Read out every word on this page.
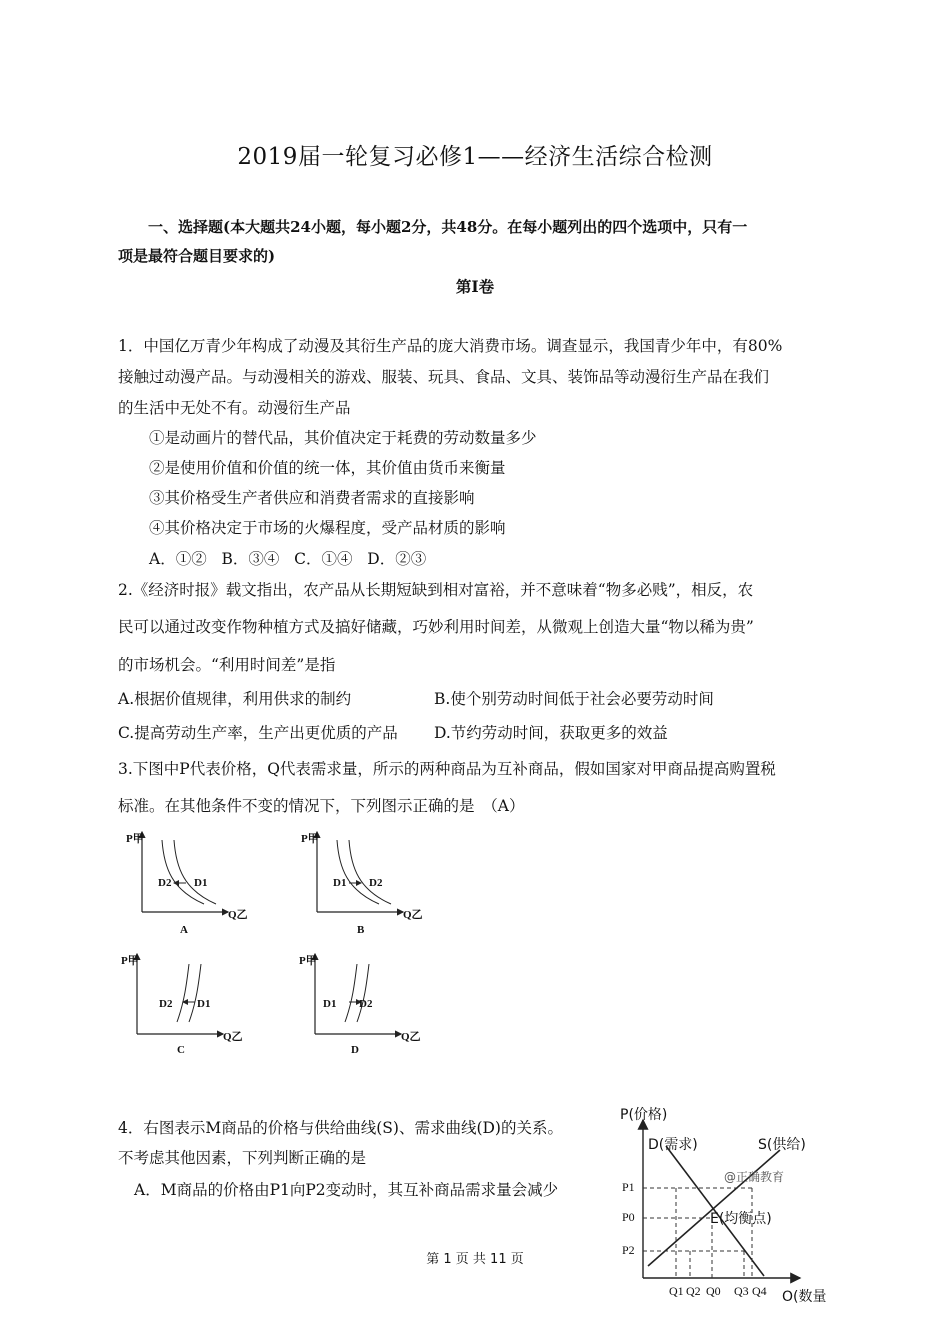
2019届一轮复习必修1——经济生活综合检测
一、选择题(本大题共24小题，每小题2分，共48分。在每小题列出的四个选项中，只有一
项是最符合题目要求的)
第Ⅰ卷
1．中国亿万青少年构成了动漫及其衍生产品的庞大消费市场。调查显示，我国青少年中，有80%
接触过动漫产品。与动漫相关的游戏、服装、玩具、食品、文具、装饰品等动漫衍生产品在我们
的生活中无处不有。动漫衍生产品
①是动画片的替代品，其价值决定于耗费的劳动数量多少
②是使用价值和价值的统一体，其价值由货币来衡量
③其价格受生产者供应和消费者需求的直接影响
④其价格决定于市场的火爆程度，受产品材质的影响
A．①②   B．③④   C．①④   D．②③
2.《经济时报》载文指出，农产品从长期短缺到相对富裕，并不意味着“物多必贱”，相反，农
民可以通过改变作物种植方式及搞好储藏，巧妙利用时间差，从微观上创造大量“物以稀为贵”
的市场机会。“利用时间差”是指
A.根据价值规律，利用供求的制约	B.使个别劳动时间低于社会必要劳动时间
C.提高劳动生产率，生产出更优质的产品 D.节约劳动时间，获取更多的效益
3.下图中P代表价格，Q代表需求量，所示的两种商品为互补商品，假如国家对甲商品提高购置税
标准。在其他条件不变的情况下，下列图示正确的是　（A）
P甲
Q乙
D2 D1
A
P甲
Q乙
D1 D2
B
P甲
Q乙
D2 D1
C
P甲
Q乙
D1 D2
D
4．右图表示M商品的价格与供给曲线(S)、需求曲线(D)的关系。
不考虑其他因素，下列判断正确的是
A．M商品的价格由P1向P2变动时，其互补商品需求量会减少
P(价格)
D(需求)	S(供给)
@正确教育
E(均衡点)
P1
P0
P2
Q1 Q2 Q0 Q3 Q4 O(数量
第 1 页 共 11 页
